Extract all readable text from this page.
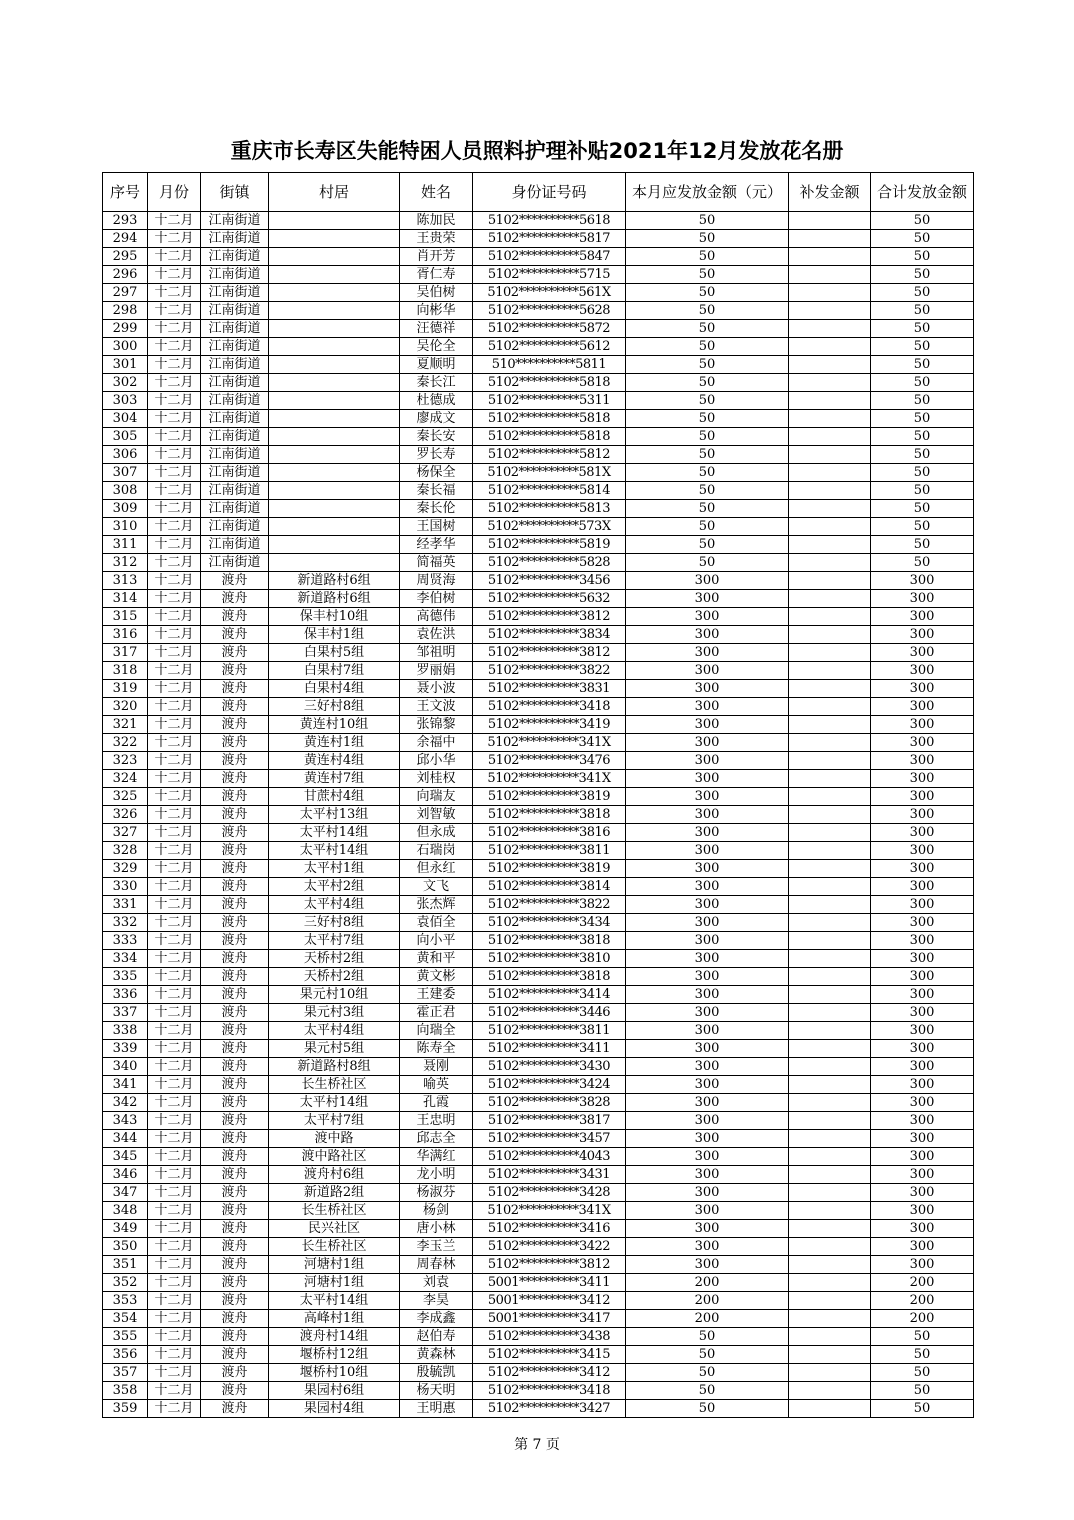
重庆市长寿区失能特困人员照料护理补贴2021年12月发放花名册
序号	月份	街镇	村居	姓名	身份证号码	本月应发放金额（元）	补发金额	合计发放金额
293	十二月	江南街道		陈加民	5102**********5618	50		50
294	十二月	江南街道		王贵荣	5102**********5817	50		50
295	十二月	江南街道		肖开芳	5102**********5847	50		50
296	十二月	江南街道		胥仁寿	5102**********5715	50		50
297	十二月	江南街道		吴伯树	5102**********561X	50		50
298	十二月	江南街道		向彬华	5102**********5628	50		50
299	十二月	江南街道		汪德祥	5102**********5872	50		50
300	十二月	江南街道		吴伦全	5102**********5612	50		50
301	十二月	江南街道		夏顺明	510**********5811	50		50
302	十二月	江南街道		秦长江	5102**********5818	50		50
303	十二月	江南街道		杜德成	5102**********5311	50		50
304	十二月	江南街道		廖成文	5102**********5818	50		50
305	十二月	江南街道		秦长安	5102**********5818	50		50
306	十二月	江南街道		罗长寿	5102**********5812	50		50
307	十二月	江南街道		杨保全	5102**********581X	50		50
308	十二月	江南街道		秦长福	5102**********5814	50		50
309	十二月	江南街道		秦长伦	5102**********5813	50		50
310	十二月	江南街道		王国树	5102**********573X	50		50
311	十二月	江南街道		经孝华	5102**********5819	50		50
312	十二月	江南街道		简福英	5102**********5828	50		50
313	十二月	渡舟	新道路村6组	周贤海	5102**********3456	300		300
314	十二月	渡舟	新道路村6组	李伯树	5102**********5632	300		300
315	十二月	渡舟	保丰村10组	高德伟	5102**********3812	300		300
316	十二月	渡舟	保丰村1组	袁佐洪	5102**********3834	300		300
317	十二月	渡舟	白果村5组	邹祖明	5102**********3812	300		300
318	十二月	渡舟	白果村7组	罗丽娟	5102**********3822	300		300
319	十二月	渡舟	白果村4组	聂小波	5102**********3831	300		300
320	十二月	渡舟	三好村8组	王文波	5102**********3418	300		300
321	十二月	渡舟	黄连村10组	张锦黎	5102**********3419	300		300
322	十二月	渡舟	黄连村1组	余福中	5102**********341X	300		300
323	十二月	渡舟	黄连村4组	邱小华	5102**********3476	300		300
324	十二月	渡舟	黄连村7组	刘桂权	5102**********341X	300		300
325	十二月	渡舟	甘蔗村4组	向瑞友	5102**********3819	300		300
326	十二月	渡舟	太平村13组	刘智敏	5102**********3818	300		300
327	十二月	渡舟	太平村14组	但永成	5102**********3816	300		300
328	十二月	渡舟	太平村14组	石瑞岗	5102**********3811	300		300
329	十二月	渡舟	太平村1组	但永红	5102**********3819	300		300
330	十二月	渡舟	太平村2组	文飞	5102**********3814	300		300
331	十二月	渡舟	太平村4组	张杰辉	5102**********3822	300		300
332	十二月	渡舟	三好村8组	袁佰全	5102**********3434	300		300
333	十二月	渡舟	太平村7组	向小平	5102**********3818	300		300
334	十二月	渡舟	天桥村2组	黄和平	5102**********3810	300		300
335	十二月	渡舟	天桥村2组	黄文彬	5102**********3818	300		300
336	十二月	渡舟	果元村10组	王建委	5102**********3414	300		300
337	十二月	渡舟	果元村3组	霍正君	5102**********3446	300		300
338	十二月	渡舟	太平村4组	向瑞全	5102**********3811	300		300
339	十二月	渡舟	果元村5组	陈寿全	5102**********3411	300		300
340	十二月	渡舟	新道路村8组	聂刚	5102**********3430	300		300
341	十二月	渡舟	长生桥社区	喻英	5102**********3424	300		300
342	十二月	渡舟	太平村14组	孔霞	5102**********3828	300		300
343	十二月	渡舟	太平村7组	王忠明	5102**********3817	300		300
344	十二月	渡舟	渡中路	邱志全	5102**********3457	300		300
345	十二月	渡舟	渡中路社区	华满红	5102**********4043	300		300
346	十二月	渡舟	渡舟村6组	龙小明	5102**********3431	300		300
347	十二月	渡舟	新道路2组	杨淑芬	5102**********3428	300		300
348	十二月	渡舟	长生桥社区	杨剑	5102**********341X	300		300
349	十二月	渡舟	民兴社区	唐小林	5102**********3416	300		300
350	十二月	渡舟	长生桥社区	李玉兰	5102**********3422	300		300
351	十二月	渡舟	河塘村1组	周春林	5102**********3812	300		300
352	十二月	渡舟	河塘村1组	刘袁	5001**********3411	200		200
353	十二月	渡舟	太平村14组	李昊	5001**********3412	200		200
354	十二月	渡舟	高峰村1组	李成鑫	5001**********3417	200		200
355	十二月	渡舟	渡舟村14组	赵伯寿	5102**********3438	50		50
356	十二月	渡舟	堰桥村12组	黄森林	5102**********3415	50		50
357	十二月	渡舟	堰桥村10组	殷毓凯	5102**********3412	50		50
358	十二月	渡舟	果园村6组	杨天明	5102**********3418	50		50
359	十二月	渡舟	果园村4组	王明惠	5102**********3427	50		50
第 7 页
